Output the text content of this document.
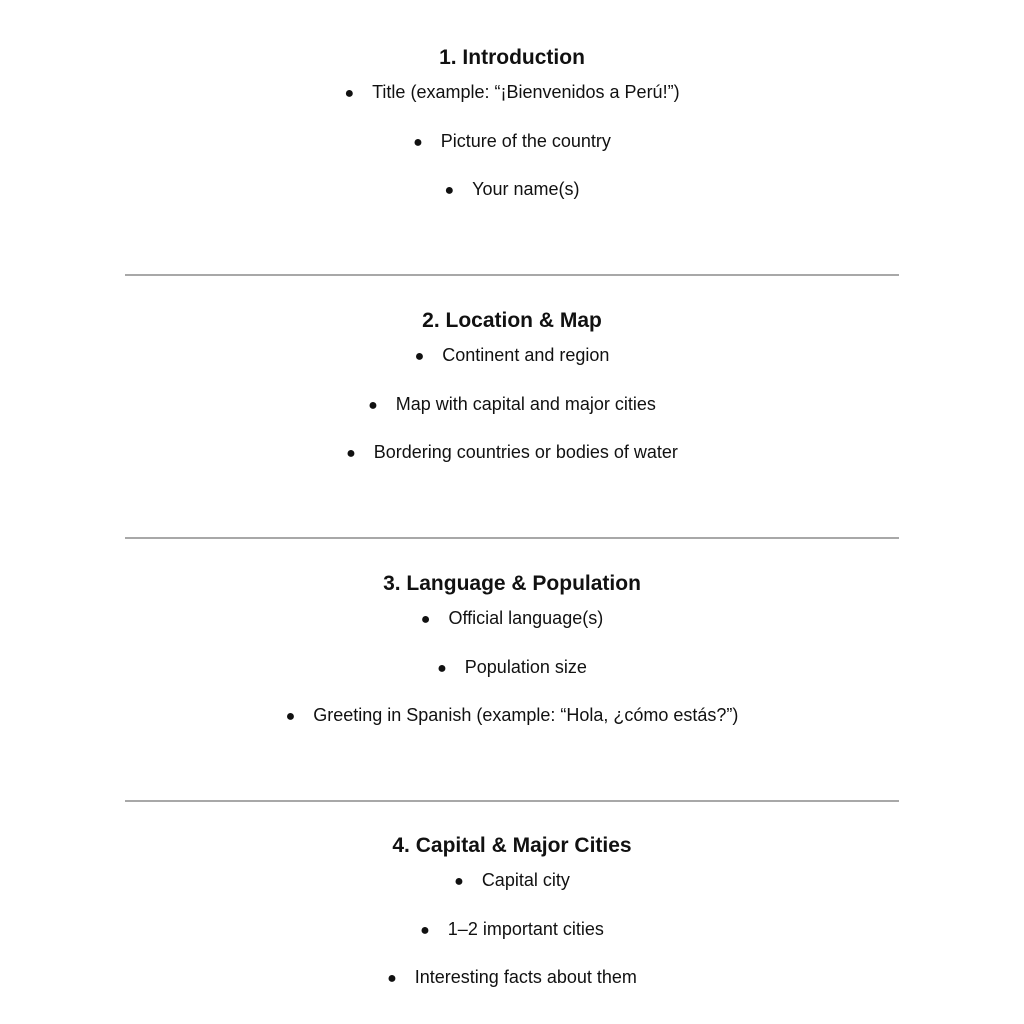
1. Introduction
● Title (example: “¡Bienvenidos a Perú!”)
● Picture of the country
● Your name(s)
2. Location & Map
● Continent and region
● Map with capital and major cities
● Bordering countries or bodies of water
3. Language & Population
● Official language(s)
● Population size
● Greeting in Spanish (example: “Hola, ¿cómo estás?”)
4. Capital & Major Cities
● Capital city
● 1–2 important cities
● Interesting facts about them
